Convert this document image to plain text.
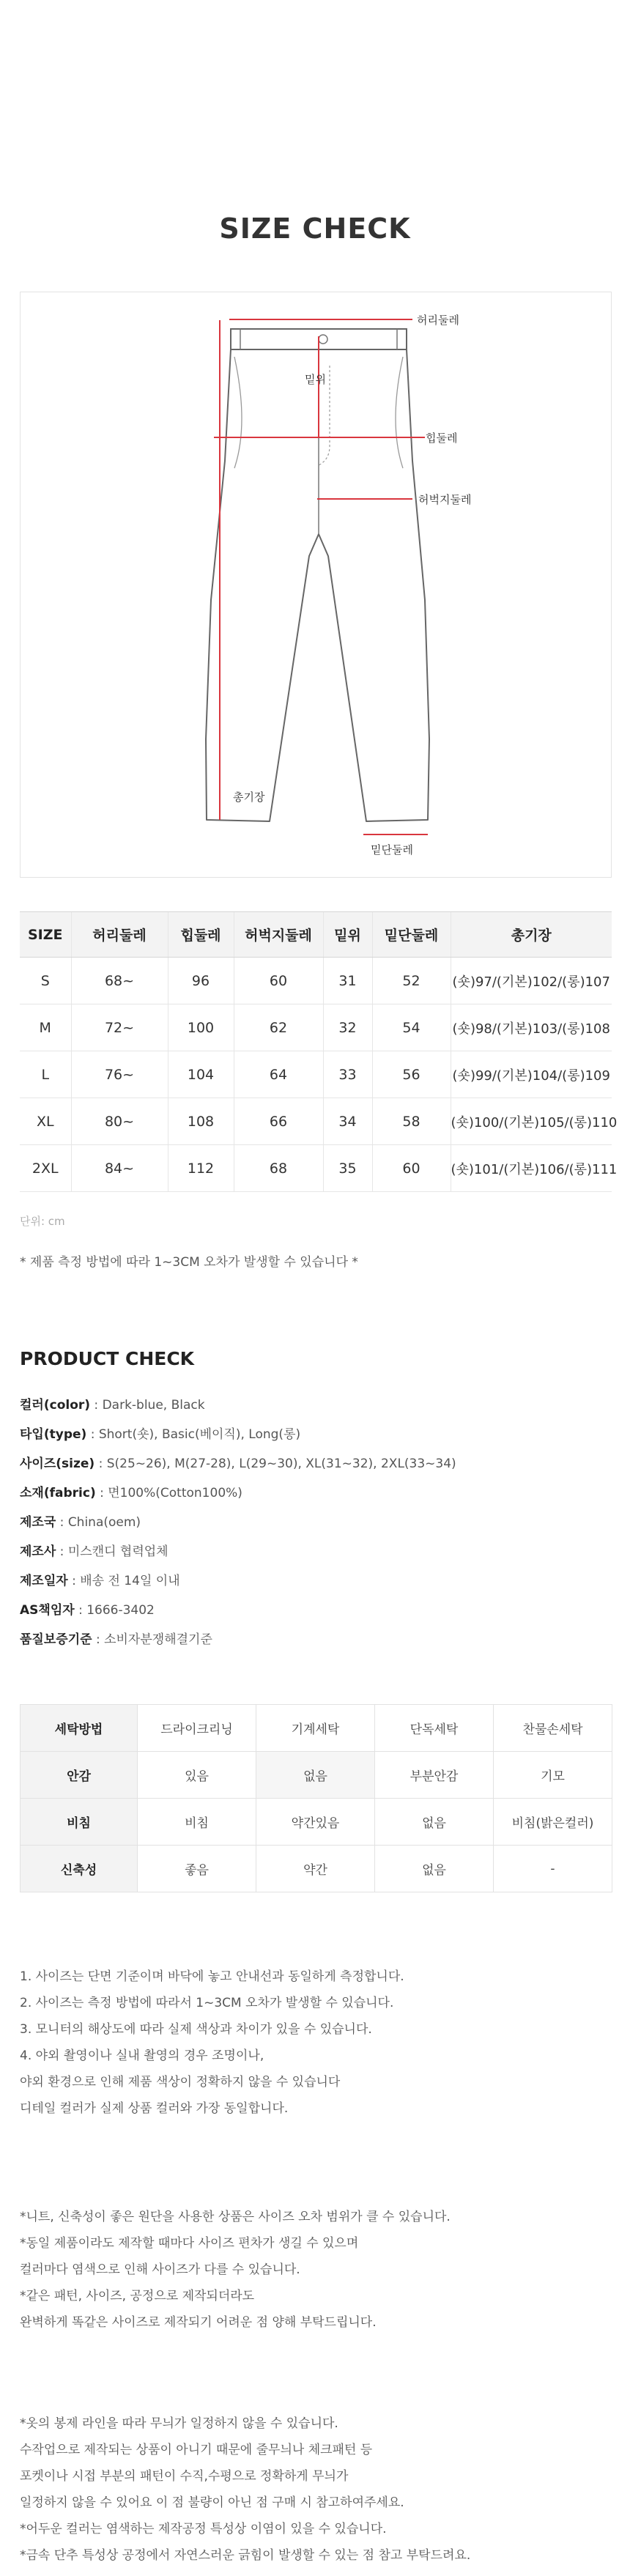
SIZE CHECK
허리둘레
밑위
힙둘레
허벅지둘레
총기장
밑단둘레
SIZE	허리둘레	힙둘레	허벅지둘레	밑위	밑단둘레	총기장
S	68~	96	60	31	52	(숏)97/(기본)102/(롱)107
M	72~	100	62	32	54	(숏)98/(기본)103/(롱)108
L	76~	104	64	33	56	(숏)99/(기본)104/(롱)109
XL	80~	108	66	34	58	(숏)100/(기본)105/(롱)110
2XL	84~	112	68	35	60	(숏)101/(기본)106/(롱)111
단위: cm
* 제품 측정 방법에 따라 1~3CM 오차가 발생할 수 있습니다 *
PRODUCT CHECK
컬러(color) : Dark-blue, Black
타입(type) : Short(숏), Basic(베이직), Long(롱)
사이즈(size) : S(25~26), M(27-28), L(29~30), XL(31~32), 2XL(33~34)
소재(fabric) : 면100%(Cotton100%)
제조국 : China(oem)
제조사 : 미스캔디 협력업체
제조일자 : 배송 전 14일 이내
AS책임자 : 1666-3402
품질보증기준 : 소비자분쟁해결기준
세탁방법	드라이크리닝	기계세탁	단독세탁	찬물손세탁
안감	있음	없음	부분안감	기모
비침	비침	약간있음	없음	비침(밝은컬러)
신축성	좋음	약간	없음	-
1. 사이즈는 단면 기준이며 바닥에 놓고 안내선과 동일하게 측정합니다.
2. 사이즈는 측정 방법에 따라서 1~3CM 오차가 발생할 수 있습니다.
3. 모니터의 해상도에 따라 실제 색상과 차이가 있을 수 있습니다.
4. 야외 촬영이나 실내 촬영의 경우 조명이나,
야외 환경으로 인해 제품 색상이 정확하지 않을 수 있습니다
디테일 컬러가 실제 상품 컬러와 가장 동일합니다.
*니트, 신축성이 좋은 원단을 사용한 상품은 사이즈 오차 범위가 클 수 있습니다.
*동일 제품이라도 제작할 때마다 사이즈 편차가 생길 수 있으며
컬러마다 염색으로 인해 사이즈가 다를 수 있습니다.
*같은 패턴, 사이즈, 공정으로 제작되더라도
완벽하게 똑같은 사이즈로 제작되기 어려운 점 양해 부탁드립니다.
*옷의 봉제 라인을 따라 무늬가 일정하지 않을 수 있습니다.
수작업으로 제작되는 상품이 아니기 때문에 줄무늬나 체크패턴 등
포켓이나 시접 부분의 패턴이 수직,수평으로 정확하게 무늬가
일정하지 않을 수 있어요 이 점 불량이 아닌 점 구매 시 참고하여주세요.
*어두운 컬러는 염색하는 제작공정 특성상 이염이 있을 수 있습니다.
*금속 단추 특성상 공정에서 자연스러운 긁힘이 발생할 수 있는 점 참고 부탁드려요.
